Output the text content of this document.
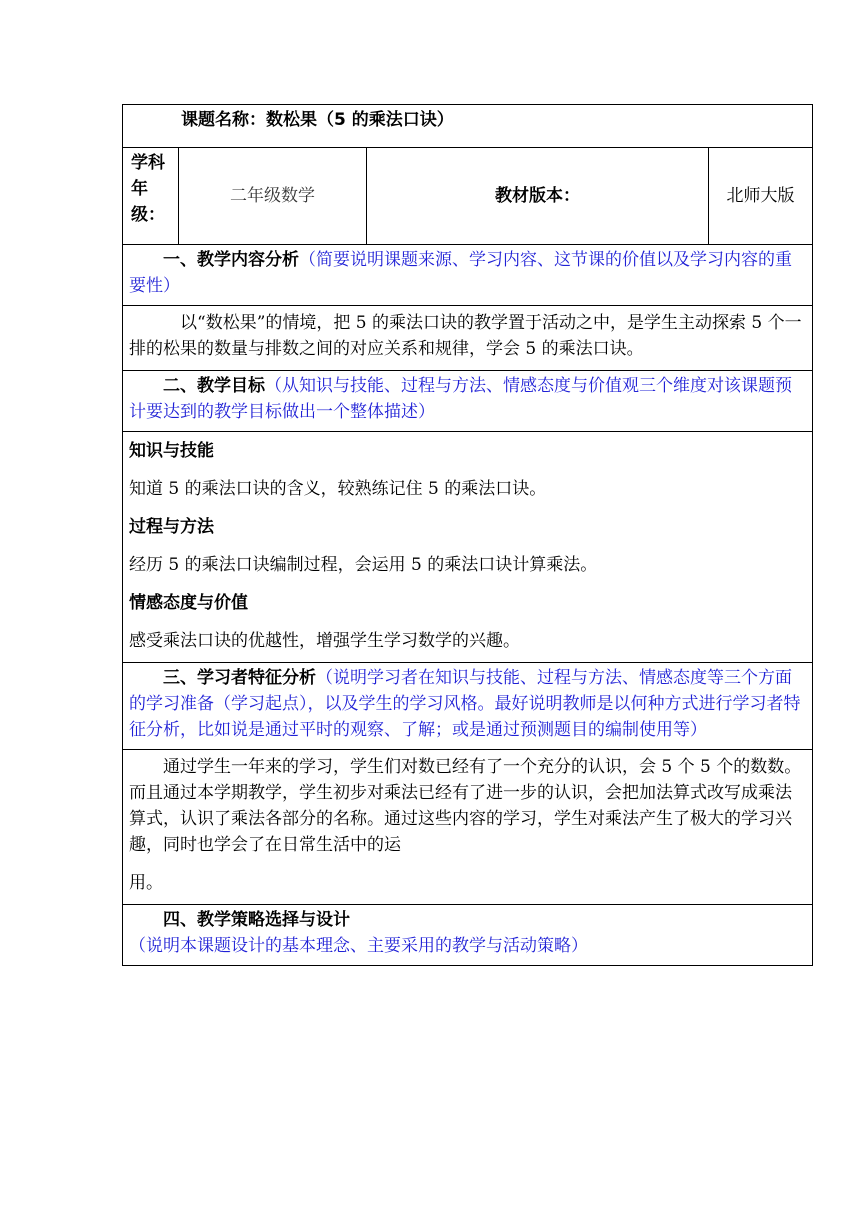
课题名称：数松果（5 的乘法口诀）
学科年级：	二年级数学	教材版本：	北师大版
一、教学内容分析（简要说明课题来源、学习内容、这节课的价值以及学习内容的重要性）
以“数松果”的情境，把 5 的乘法口诀的教学置于活动之中，是学生主动探索 5 个一排的松果的数量与排数之间的对应关系和规律，学会 5 的乘法口诀。
二、教学目标（从知识与技能、过程与方法、情感态度与价值观三个维度对该课题预计要达到的教学目标做出一个整体描述）

知识与技能

知道 5 的乘法口诀的含义，较熟练记住 5 的乘法口诀。

过程与方法

经历 5 的乘法口诀编制过程，会运用 5 的乘法口诀计算乘法。

情感态度与价值

感受乘法口诀的优越性，增强学生学习数学的兴趣。

三、学习者特征分析（说明学习者在知识与技能、过程与方法、情感态度等三个方面的学习准备（学习起点），以及学生的学习风格。最好说明教师是以何种方式进行学习者特征分析，比如说是通过平时的观察、了解；或是通过预测题目的编制使用等）

通过学生一年来的学习，学生们对数已经有了一个充分的认识，会 5 个 5 个的数数。而且通过本学期教学，学生初步对乘法已经有了进一步的认识，会把加法算式改写成乘法算式，认识了乘法各部分的名称。通过这些内容的学习，学生对乘法产生了极大的学习兴趣，同时也学会了在日常生活中的运

用。

四、教学策略选择与设计（说明本课题设计的基本理念、主要采用的教学与活动策略）
